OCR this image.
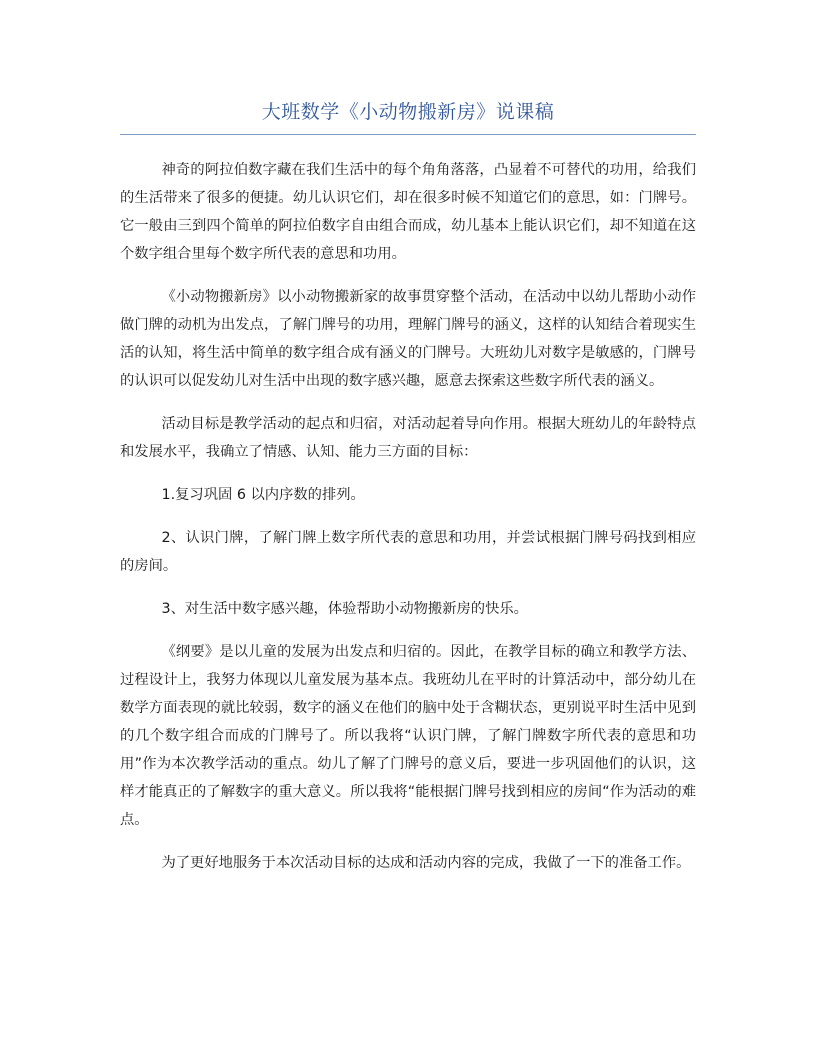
大班数学《小动物搬新房》说课稿

神奇的阿拉伯数字藏在我们生活中的每个角角落落，凸显着不可替代的功用，给我们的生活带来了很多的便捷。幼儿认识它们，却在很多时候不知道它们的意思，如：门牌号。它一般由三到四个简单的阿拉伯数字自由组合而成，幼儿基本上能认识它们，却不知道在这个数字组合里每个数字所代表的意思和功用。

《小动物搬新房》以小动物搬新家的故事贯穿整个活动，在活动中以幼儿帮助小动作做门牌的动机为出发点，了解门牌号的功用，理解门牌号的涵义，这样的认知结合着现实生活的认知，将生活中简单的数字组合成有涵义的门牌号。大班幼儿对数字是敏感的，门牌号的认识可以促发幼儿对生活中出现的数字感兴趣，愿意去探索这些数字所代表的涵义。

活动目标是教学活动的起点和归宿，对活动起着导向作用。根据大班幼儿的年龄特点和发展水平，我确立了情感、认知、能力三方面的目标：

1.复习巩固 6 以内序数的排列。

2、认识门牌，了解门牌上数字所代表的意思和功用，并尝试根据门牌号码找到相应的房间。

3、对生活中数字感兴趣，体验帮助小动物搬新房的快乐。

《纲要》是以儿童的发展为出发点和归宿的。因此，在教学目标的确立和教学方法、过程设计上，我努力体现以儿童发展为基本点。我班幼儿在平时的计算活动中，部分幼儿在数学方面表现的就比较弱，数字的涵义在他们的脑中处于含糊状态，更别说平时生活中见到的几个数字组合而成的门牌号了。所以我将“认识门牌，了解门牌数字所代表的意思和功用”作为本次教学活动的重点。幼儿了解了门牌号的意义后，要进一步巩固他们的认识，这样才能真正的了解数字的重大意义。所以我将“能根据门牌号找到相应的房间“作为活动的难点。

为了更好地服务于本次活动目标的达成和活动内容的完成，我做了一下的准备工作。
